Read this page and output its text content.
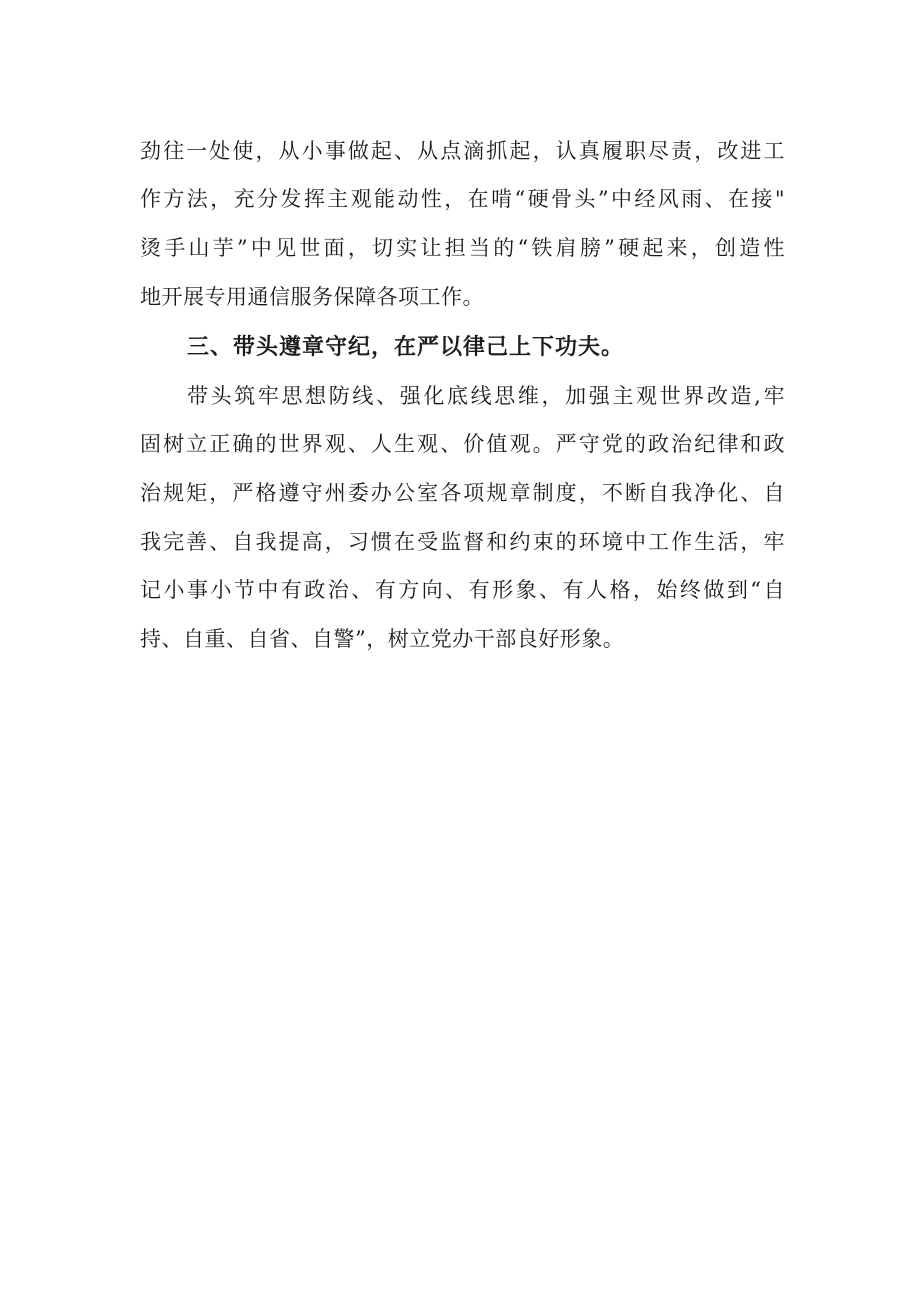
劲往一处使，从小事做起、从点滴抓起，认真履职尽责，改进工
作方法，充分发挥主观能动性，在啃“硬骨头”中经风雨、在接"
烫手山芋”中见世面，切实让担当的“铁肩膀”硬起来，创造性
地开展专用通信服务保障各项工作。
三、带头遵章守纪，在严以律己上下功夫。
带头筑牢思想防线、强化底线思维，加强主观世界改造,牢
固树立正确的世界观、人生观、价值观。严守党的政治纪律和政
治规矩，严格遵守州委办公室各项规章制度，不断自我净化、自
我完善、自我提高，习惯在受监督和约束的环境中工作生活，牢
记小事小节中有政治、有方向、有形象、有人格，始终做到“自
持、自重、自省、自警”，树立党办干部良好形象。
